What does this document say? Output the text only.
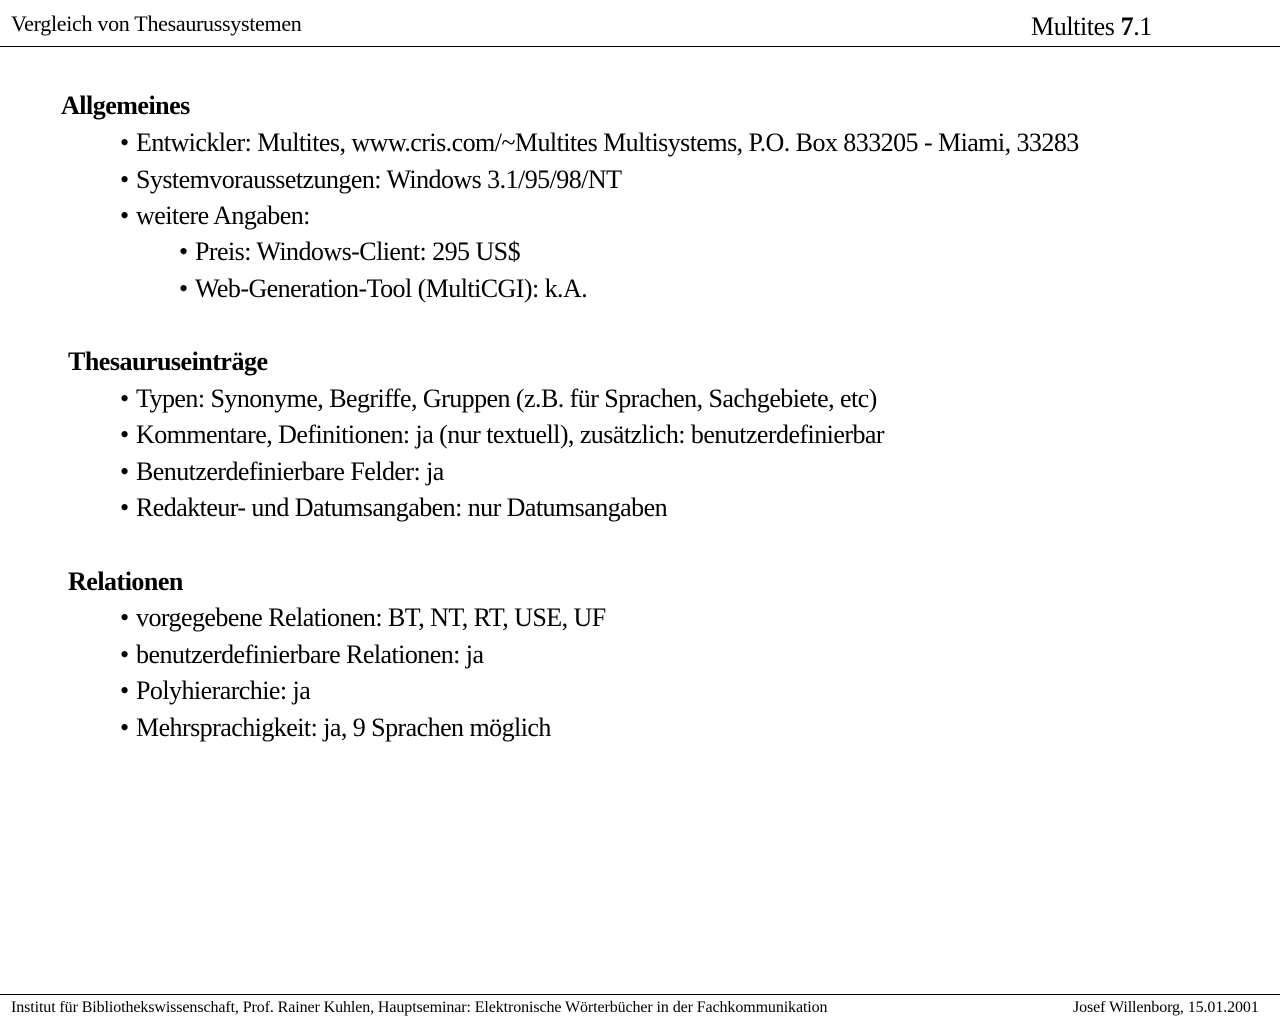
Vergleich von Thesaurussystemen	Multites 7.1
Allgemeines
• Entwickler: Multites, www.cris.com/~Multites Multisystems, P.O. Box 833205 - Miami, 33283
• Systemvoraussetzungen: Windows 3.1/95/98/NT
• weitere Angaben:
• Preis: Windows-Client: 295 US$
• Web-Generation-Tool (MultiCGI): k.A.
Thesauruseinträge
• Typen: Synonyme, Begriffe, Gruppen (z.B. für Sprachen, Sachgebiete, etc)
• Kommentare, Definitionen: ja (nur textuell), zusätzlich: benutzerdefinierbar
• Benutzerdefinierbare Felder: ja
• Redakteur- und Datumsangaben: nur Datumsangaben
Relationen
• vorgegebene Relationen: BT, NT, RT, USE, UF
• benutzerdefinierbare Relationen: ja
• Polyhierarchie: ja
• Mehrsprachigkeit: ja, 9 Sprachen möglich
Institut für Bibliothekswissenschaft, Prof. Rainer Kuhlen, Hauptseminar: Elektronische Wörterbücher in der Fachkommunikation	Josef Willenborg, 15.01.2001
